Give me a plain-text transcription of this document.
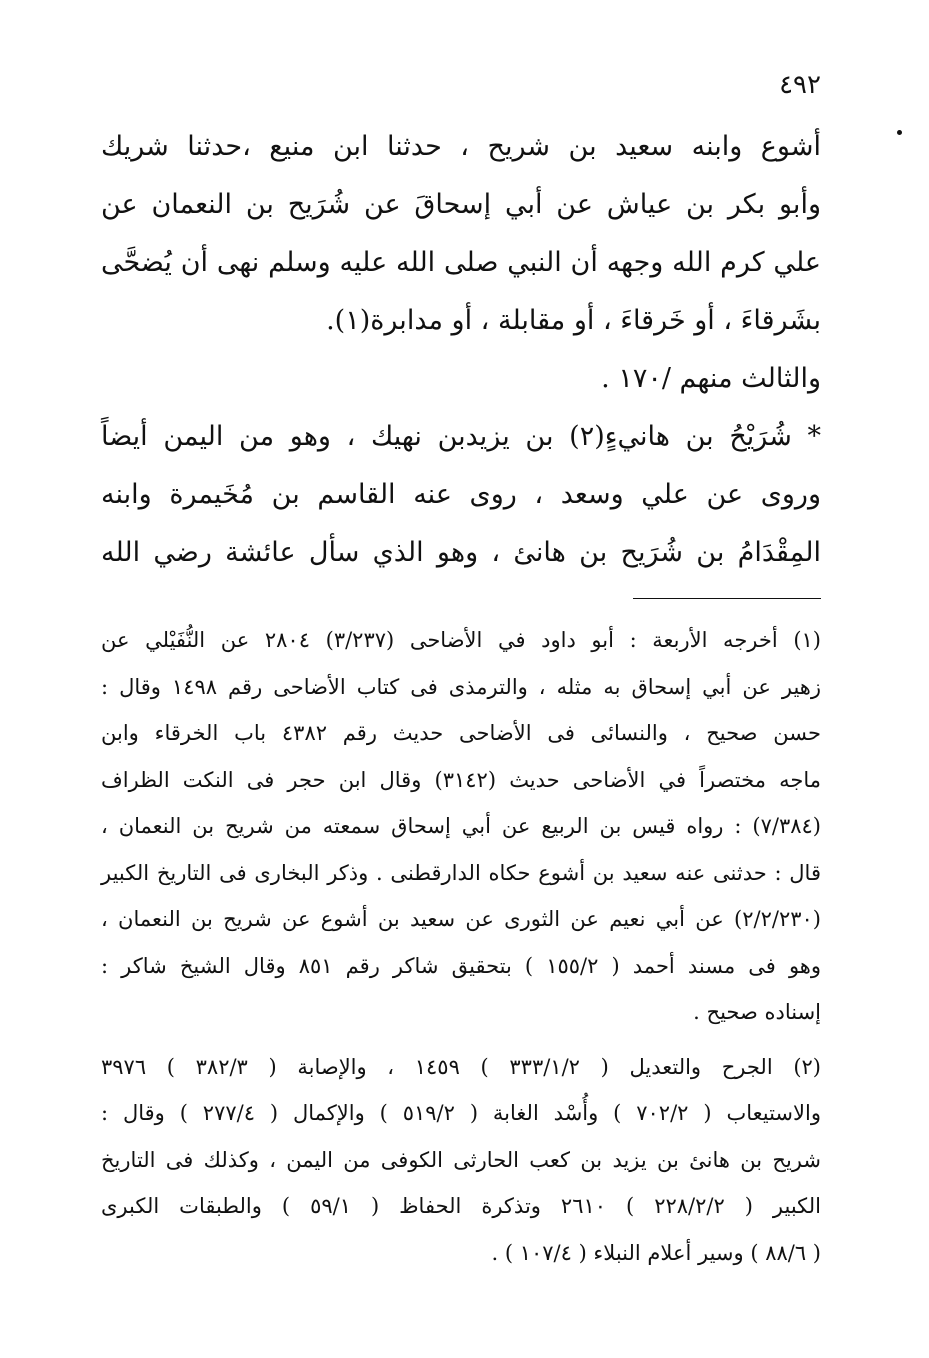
٤٩٢
أشوع وابنه سعيد بن شريح ، حدثنا ابن منيع ،حدثنا شريك
وأبو بكر بن عياش عن أبي إسحاقَ عن شُرَيح بن النعمان عن
علي كرم الله وجهه أن النبي صلى الله عليه وسلم نهى أن يُضحَّى
بشَرقاءَ ، أو خَرقاءَ ، أو مقابلة ، أو مدابرة(١).
والثالث منهم /١٧٠ .
* شُرَيْحُ بن هانيءٍ(٢) بن يزيدبن نهيك ، وهو من اليمن أيضاً
وروى عن علي وسعد ، روى عنه القاسم بن مُخَيمرة وابنه
المِقْدَامُ بن شُرَيح بن هانئ ، وهو الذي سأل عائشة رضي الله
(١) أخرجه الأربعة : أبو داود في الأضاحى (٣/٢٣٧) ٢٨٠٤ عن النُّفَيْلي عن
زهير عن أبي إسحاق به مثله ، والترمذى فى كتاب الأضاحى رقم ١٤٩٨ وقال :
حسن صحيح ، والنسائى فى الأضاحى حديث رقم ٤٣٨٢ باب الخرقاء وابن
ماجه مختصراً في الأضاحى حديث (٣١٤٢) وقال ابن حجر فى النكت الظراف
(٧/٣٨٤) : رواه قيس بن الربيع عن أبي إسحاق سمعته من شريح بن النعمان ،
قال : حدثنى عنه سعيد بن أشوع حكاه الدارقطنى . وذكر البخارى فى التاريخ الكبير
(٢/٢/٢٣٠) عن أبي نعيم عن الثورى عن سعيد بن أشوع عن شريح بن النعمان ،
وهو فى مسند أحمد ( ١٥٥/٢ ) بتحقيق شاكر رقم ٨٥١ وقال الشيخ شاكر :
إسناده صحيح .
(٢) الجرح والتعديل ( ٣٣٣/١/٢ ) ١٤٥٩ ، والإصابة ( ٣٨٢/٣ ) ٣٩٧٦
والاستيعاب ( ٧٠٢/٢ ) وأُسْد الغابة ( ٥١٩/٢ ) والإكمال ( ٢٧٧/٤ ) وقال :
شريح بن هانئ بن يزيد بن كعب الحارثى الكوفى من اليمن ، وكذلك فى التاريخ
الكبير ( ٢٢٨/٢/٢ ) ٢٦١٠ وتذكرة الحفاظ ( ٥٩/١ ) والطبقات الكبرى
( ٨٨/٦ ) وسير أعلام النبلاء ( ١٠٧/٤ ) .
